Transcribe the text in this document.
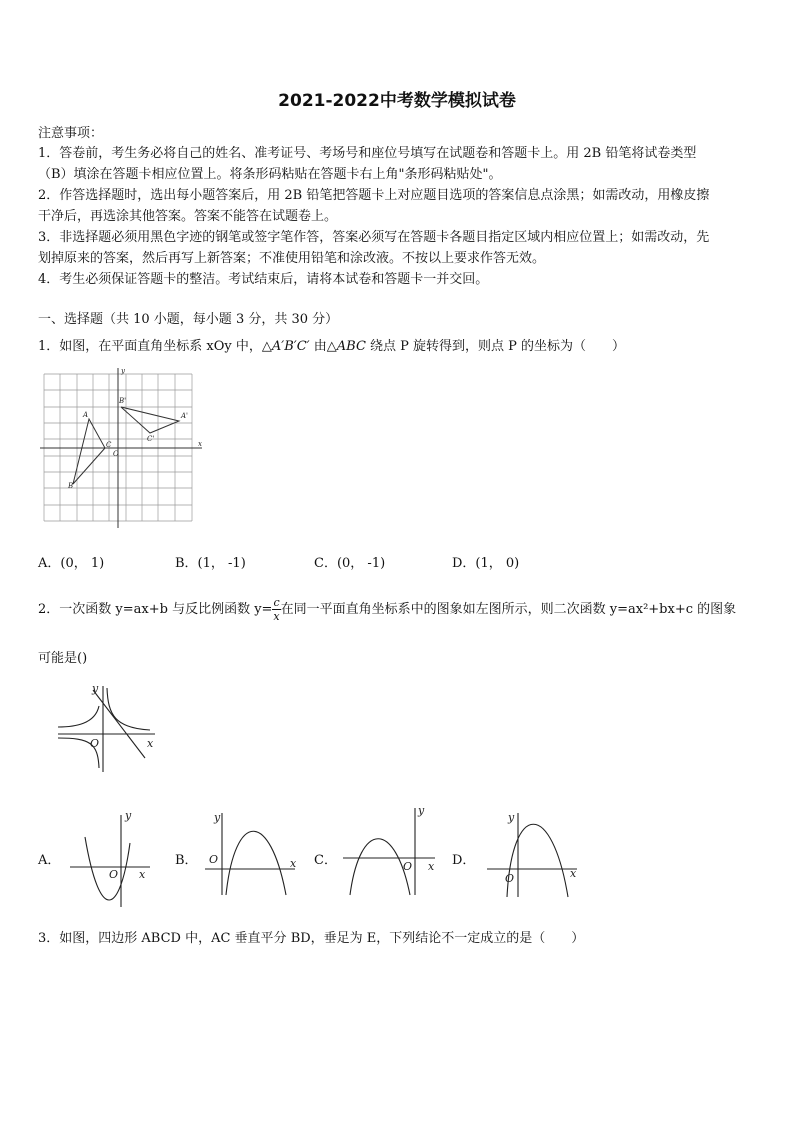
2021-2022中考数学模拟试卷
注意事项：
1．答卷前，考生务必将自己的姓名、准考证号、考场号和座位号填写在试题卷和答题卡上。用 2B 铅笔将试卷类型
（B）填涂在答题卡相应位置上。将条形码粘贴在答题卡右上角"条形码粘贴处"。
2．作答选择题时，选出每小题答案后，用 2B 铅笔把答题卡上对应题目选项的答案信息点涂黑；如需改动，用橡皮擦
干净后，再选涂其他答案。答案不能答在试题卷上。
3．非选择题必须用黑色字迹的钢笔或签字笔作答，答案必须写在答题卡各题目指定区域内相应位置上；如需改动，先
划掉原来的答案，然后再写上新答案；不准使用铅笔和涂改液。不按以上要求作答无效。
4．考生必须保证答题卡的整洁。考试结束后，请将本试卷和答题卡一并交回。
一、选择题（共 10 小题，每小题 3 分，共 30 分）
1．如图，在平面直角坐标系 xOy 中，△A′B′C′ 由△ABC 绕点 P 旋转得到，则点 P 的坐标为（　　）
A
B
C
A'
B'
C'
O
x
y
A．(0， 1)	B．(1， -1)	C．(0， -1)	D．(1， 0)
2．一次函数 y=ax+b 与反比例函数 $y= \frac{c}{x}$ 在同一平面直角坐标系中的图象如左图所示，则二次函数 y=ax²+bx+c 的图象
可能是()
O	x
y
A．
O x
y
B． O	x
y
C．	O x
y
D．
O	x
y
3．如图，四边形 ABCD 中，AC 垂直平分 BD，垂足为 E，下列结论不一定成立的是（　　）
